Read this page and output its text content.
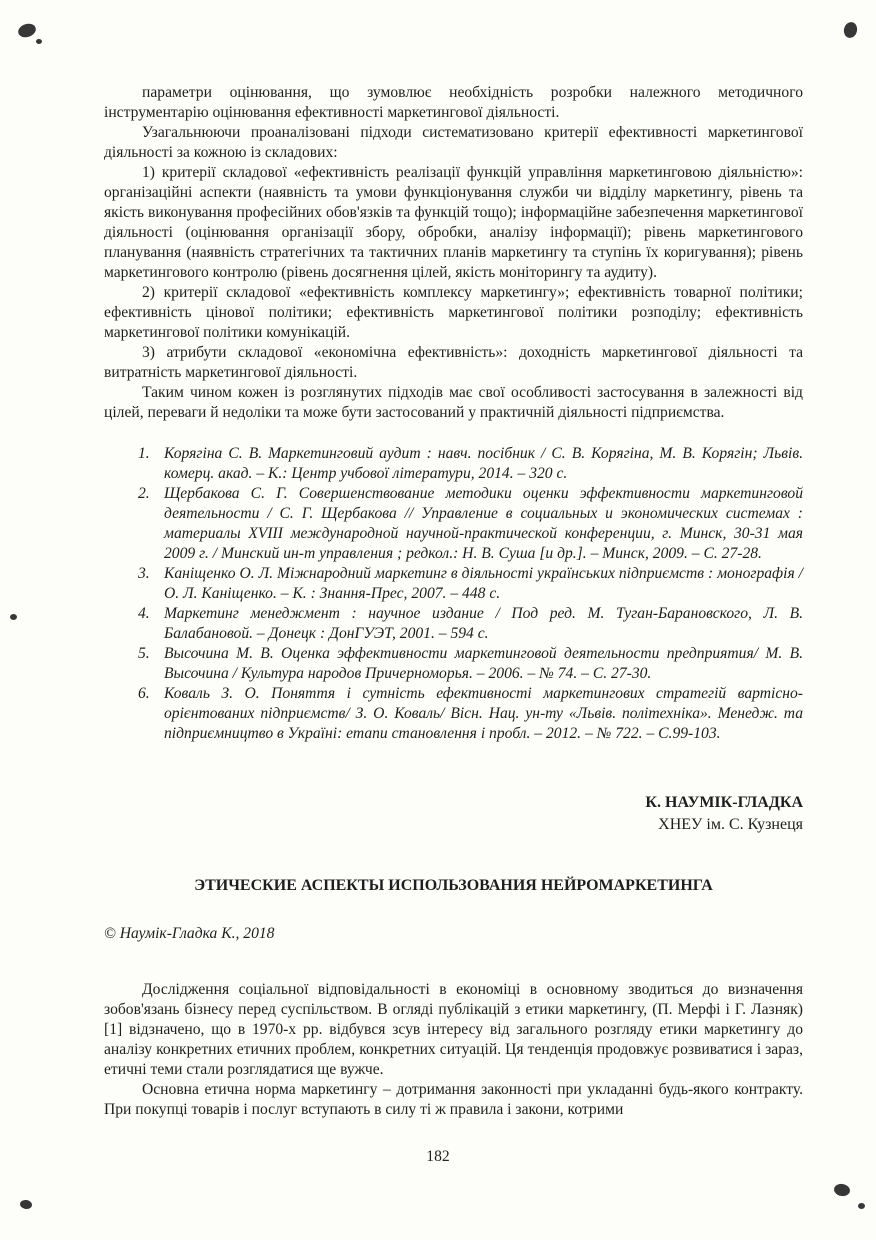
параметри оцінювання, що зумовлює необхідність розробки належного методичного інструментарію оцінювання ефективності маркетингової діяльності.

Узагальнюючи проаналізовані підходи систематизовано критерії ефективності маркетингової діяльності за кожною із складових:

1) критерії складової «ефективність реалізації функцій управління маркетинговою діяльністю»: організаційні аспекти (наявність та умови функціонування служби чи відділу маркетингу, рівень та якість виконування професійних обов'язків та функцій тощо); інформаційне забезпечення маркетингової діяльності (оцінювання організації збору, обробки, аналізу інформації); рівень маркетингового планування (наявність стратегічних та тактичних планів маркетингу та ступінь їх коригування); рівень маркетингового контролю (рівень досягнення цілей, якість моніторингу та аудиту).

2) критерії складової «ефективність комплексу маркетингу»; ефективність товарної політики; ефективність цінової політики; ефективність маркетингової політики розподілу; ефективність маркетингової політики комунікацій.

3) атрибути складової «економічна ефективність»: доходність маркетингової діяльності та витратність маркетингової діяльності.

Таким чином кожен із розглянутих підходів має свої особливості застосування в залежності від цілей, переваги й недоліки та може бути застосований у практичній діяльності підприємства.

1. Корягіна С. В. Маркетинговий аудит : навч. посібник / С. В. Корягіна, М. В. Корягін; Львів. комерц. акад. – К.: Центр учбової літератури, 2014. – 320 с.
2. Щербакова С. Г. Совершенствование методики оценки эффективности маркетинговой деятельности / С. Г. Щербакова // Управление в социальных и экономических системах : материалы XVIII международной научной-практической конференции, г. Минск, 30-31 мая 2009 г. / Минский ин-т управления ; редкол.: Н. В. Суша [и др.]. – Минск, 2009. – С. 27-28.
3. Каніщенко О. Л. Міжнародний маркетинг в діяльності українських підприємств : монографія / О. Л. Каніщенко. – К. : Знання-Прес, 2007. – 448 с.
4. Маркетинг менеджмент : научное издание / Под ред. М. Туган-Барановского, Л. В. Балабановой. – Донецк : ДонГУЭТ, 2001. – 594 с.
5. Высочина М. В. Оценка эффективности маркетинговой деятельности предприятия/ М. В. Высочина / Культура народов Причерноморья. – 2006. – № 74. – С. 27-30.
6. Коваль З. О. Поняття і сутність ефективності маркетингових стратегій вартісно-орієнтованих підприємств/ З. О. Коваль/ Вісн. Нац. ун-ту «Львів. політехніка». Менедж. та підприємництво в Україні: етапи становлення і пробл. – 2012. – № 722. – С.99-103.
К. НАУМІК-ГЛАДКА
ХНЕУ ім. С. Кузнеця
ЭТИЧЕСКИЕ АСПЕКТЫ ИСПОЛЬЗОВАНИЯ НЕЙРОМАРКЕТИНГА

© Наумік-Гладка К., 2018

Дослідження соціальної відповідальності в економіці в основному зводиться до визначення зобов'язань бізнесу перед суспільством. В огляді публікацій з етики маркетингу, (П. Мерфі і Г. Лазняк) [1] відзначено, що в 1970-х рр. відбувся зсув інтересу від загального розгляду етики маркетингу до аналізу конкретних етичних проблем, конкретних ситуацій. Ця тенденція продовжує розвиватися і зараз, етичні теми стали розглядатися ще вужче.

Основна етична норма маркетингу – дотримання законності при укладанні будь-якого контракту. При покупці товарів і послуг вступають в силу ті ж правила і закони, котрими

182
